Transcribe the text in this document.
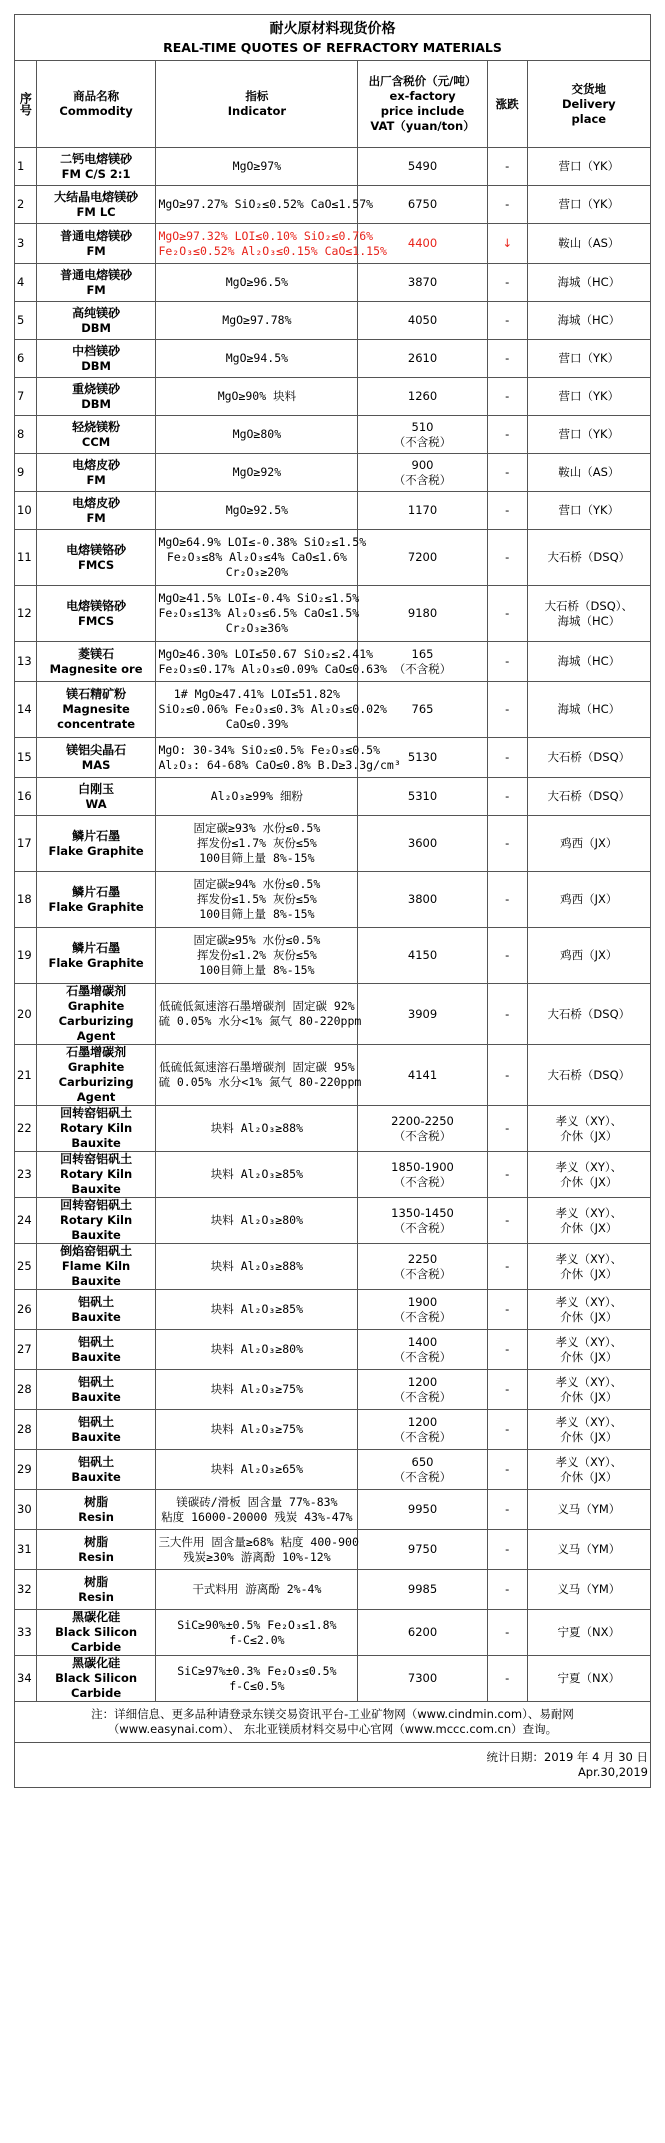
耐火原材料现货价格
REAL-TIME QUOTES OF REFRACTORY MATERIALS					

序号	商品名称
Commodity	指标
Indicator	出厂含税价（元/吨）
ex-factory
price include
VAT（yuan/ton）	涨跌	交货地
Delivery
place

1	二钙电熔镁砂
FM C/S 2:1	MgO≥97%	5490	-	营口（YK）

2	大结晶电熔镁砂
FM LC	MgO≥97.27% SiO₂≤0.52% CaO≤1.57%	6750	-	营口（YK）

3	普通电熔镁砂
FM	MgO≥97.32% LOI≤0.10% SiO₂≤0.76%
Fe₂O₃≤0.52% Al₂O₃≤0.15% CaO≤1.15%	4400	↓	鞍山（AS）

4	普通电熔镁砂
FM	MgO≥96.5%	3870	-	海城（HC）

5	高纯镁砂
DBM	MgO≥97.78%	4050	-	海城（HC）

6	中档镁砂
DBM	MgO≥94.5%	2610	-	营口（YK）

7	重烧镁砂
DBM	MgO≥90% 块料	1260	-	营口（YK）

8	轻烧镁粉
CCM	MgO≥80%	510
（不含税）	-	营口（YK）

9	电熔皮砂
FM	MgO≥92%	900
（不含税）	-	鞍山（AS）

10	电熔皮砂
FM	MgO≥92.5%	1170	-	营口（YK）

11	电熔镁铬砂
FMCS	MgO≥64.9% LOI≤-0.38% SiO₂≤1.5%
Fe₂O₃≤8% Al₂O₃≤4% CaO≤1.6%
Cr₂O₃≥20%	7200	-	大石桥（DSQ）

12	电熔镁铬砂
FMCS	MgO≥41.5% LOI≤-0.4% SiO₂≤1.5%
Fe₂O₃≤13% Al₂O₃≤6.5% CaO≤1.5%
Cr₂O₃≥36%	9180	-	大石桥（DSQ）、
海城（HC）

13	菱镁石
Magnesite ore	MgO≥46.30% LOI≤50.67 SiO₂≤2.41%
Fe₂O₃≤0.17% Al₂O₃≤0.09% CaO≤0.63%	165
（不含税）	-	海城（HC）

14	镁石精矿粉
Magnesite concentrate	1# MgO≥47.41% LOI≤51.82%
SiO₂≤0.06% Fe₂O₃≤0.3% Al₂O₃≤0.02%
CaO≤0.39%	765	-	海城（HC）

15	镁铝尖晶石
MAS	MgO: 30-34% SiO₂≤0.5% Fe₂O₃≤0.5%
Al₂O₃: 64-68% CaO≤0.8% B.D≥3.3g/cm³	5130	-	大石桥（DSQ）

16	白刚玉
WA	Al₂O₃≥99% 细粉	5310	-	大石桥（DSQ）

17	鳞片石墨
Flake Graphite	固定碳≥93% 水份≤0.5%
挥发份≤1.7% 灰份≤5%
100目筛上量 8%-15%	3600	-	鸡西（JX）

18	鳞片石墨
Flake Graphite	固定碳≥94% 水份≤0.5%
挥发份≤1.5% 灰份≤5%
100目筛上量 8%-15%	3800	-	鸡西（JX）

19	鳞片石墨
Flake Graphite	固定碳≥95% 水份≤0.5%
挥发份≤1.2% 灰份≤5%
100目筛上量 8%-15%	4150	-	鸡西（JX）

20	石墨增碳剂
Graphite Carburizing Agent	低硫低氮速溶石墨增碳剂 固定碳 92%
硫 0.05% 水分<1% 氮气 80-220ppm	3909	-	大石桥（DSQ）

21	石墨增碳剂
Graphite Carburizing Agent	低硫低氮速溶石墨增碳剂 固定碳 95%
硫 0.05% 水分<1% 氮气 80-220ppm	4141	-	大石桥（DSQ）

22	回转窑铝矾土
Rotary Kiln Bauxite	块料 Al₂O₃≥88%	2200-2250
（不含税）	-	孝义（XY）、
介休（JX）

23	回转窑铝矾土
Rotary Kiln Bauxite	块料 Al₂O₃≥85%	1850-1900
（不含税）	-	孝义（XY）、
介休（JX）

24	回转窑铝矾土
Rotary Kiln Bauxite	块料 Al₂O₃≥80%	1350-1450
（不含税）	-	孝义（XY）、
介休（JX）

25	倒焰窑铝矾土
Flame Kiln Bauxite	块料 Al₂O₃≥88%	2250
（不含税）	-	孝义（XY）、
介休（JX）

26	铝矾土
Bauxite	块料 Al₂O₃≥85%	1900
（不含税）	-	孝义（XY）、
介休（JX）

27	铝矾土
Bauxite	块料 Al₂O₃≥80%	1400
（不含税）	-	孝义（XY）、
介休（JX）

28	铝矾土
Bauxite	块料 Al₂O₃≥75%	1200
（不含税）	-	孝义（XY）、
介休（JX）

28	铝矾土
Bauxite	块料 Al₂O₃≥75%	1200
（不含税）	-	孝义（XY）、
介休（JX）

29	铝矾土
Bauxite	块料 Al₂O₃≥65%	650
（不含税）	-	孝义（XY）、
介休（JX）

30	树脂
Resin	镁碳砖/滑板 固含量 77%-83%
粘度 16000-20000 残炭 43%-47%	9950	-	义马（YM）

31	树脂
Resin	三大件用 固含量≥68% 粘度 400-900
残炭≥30% 游离酚 10%-12%	9750	-	义马（YM）

32	树脂
Resin	干式料用 游离酚 2%-4%	9985	-	义马（YM）

33	黑碳化硅
Black Silicon Carbide	SiC≥90%±0.5% Fe₂O₃≤1.8%
f-C≤2.0%	6200	-	宁夏（NX）

34	黑碳化硅
Black Silicon Carbide	SiC≥97%±0.3% Fe₂O₃≤0.5%
f-C≤0.5%	7300	-	宁夏（NX）

注：详细信息、更多品种请登录东镁交易资讯平台-工业矿物网（www.cindmin.com）、易耐网
（www.easynai.com）、 东北亚镁质材料交易中心官网（www.mccc.com.cn）查询。					

统计日期：2019 年 4 月 30 日
Apr.30,2019					
